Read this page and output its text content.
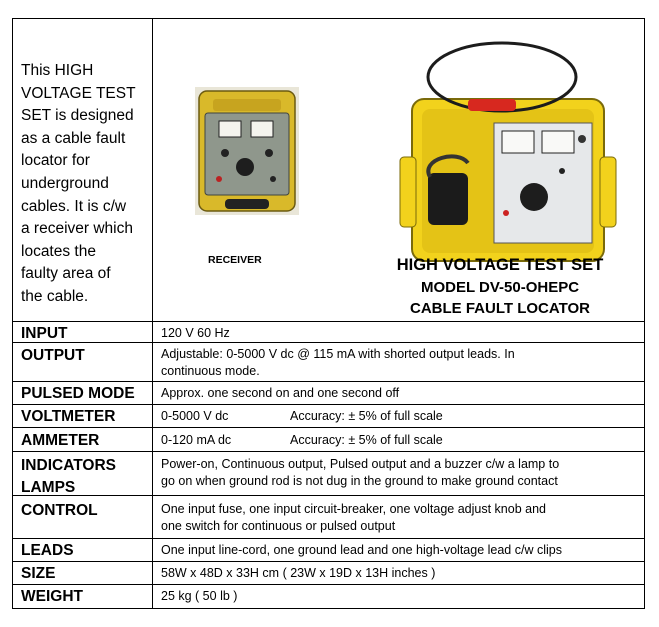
This HIGH
VOLTAGE TEST
SET is designed
as a cable fault
locator for
underground
cables. It is c/w
a receiver which
locates the
faulty area of
the cable.
RECEIVER	HIGH VOLTAGE TEST SET
MODEL DV-50-OHEPC
CABLE FAULT LOCATOR
INPUT	120 V 60 Hz
OUTPUT	Adjustable: 0-5000 V dc @ 115 mA with shorted output leads. In
continuous mode.
PULSED MODE Approx. one second on and one second off
VOLTMETER	0-5000 V dc	Accuracy: ± 5% of full scale
AMMETER	0-120 mA dc	Accuracy: ± 5% of full scale
INDICATORS
LAMPS
Power-on, Continuous output, Pulsed output and a buzzer c/w a lamp to
go on when ground rod is not dug in the ground to make ground contact
CONTROL	One input fuse, one input circuit-breaker, one voltage adjust knob and
one switch for continuous or pulsed output
LEADS	One input line-cord, one ground lead and one high-voltage lead c/w clips
SIZE	58W x 48D x 33H cm ( 23W x 19D x 13H inches )
WEIGHT	25 kg ( 50 lb )
